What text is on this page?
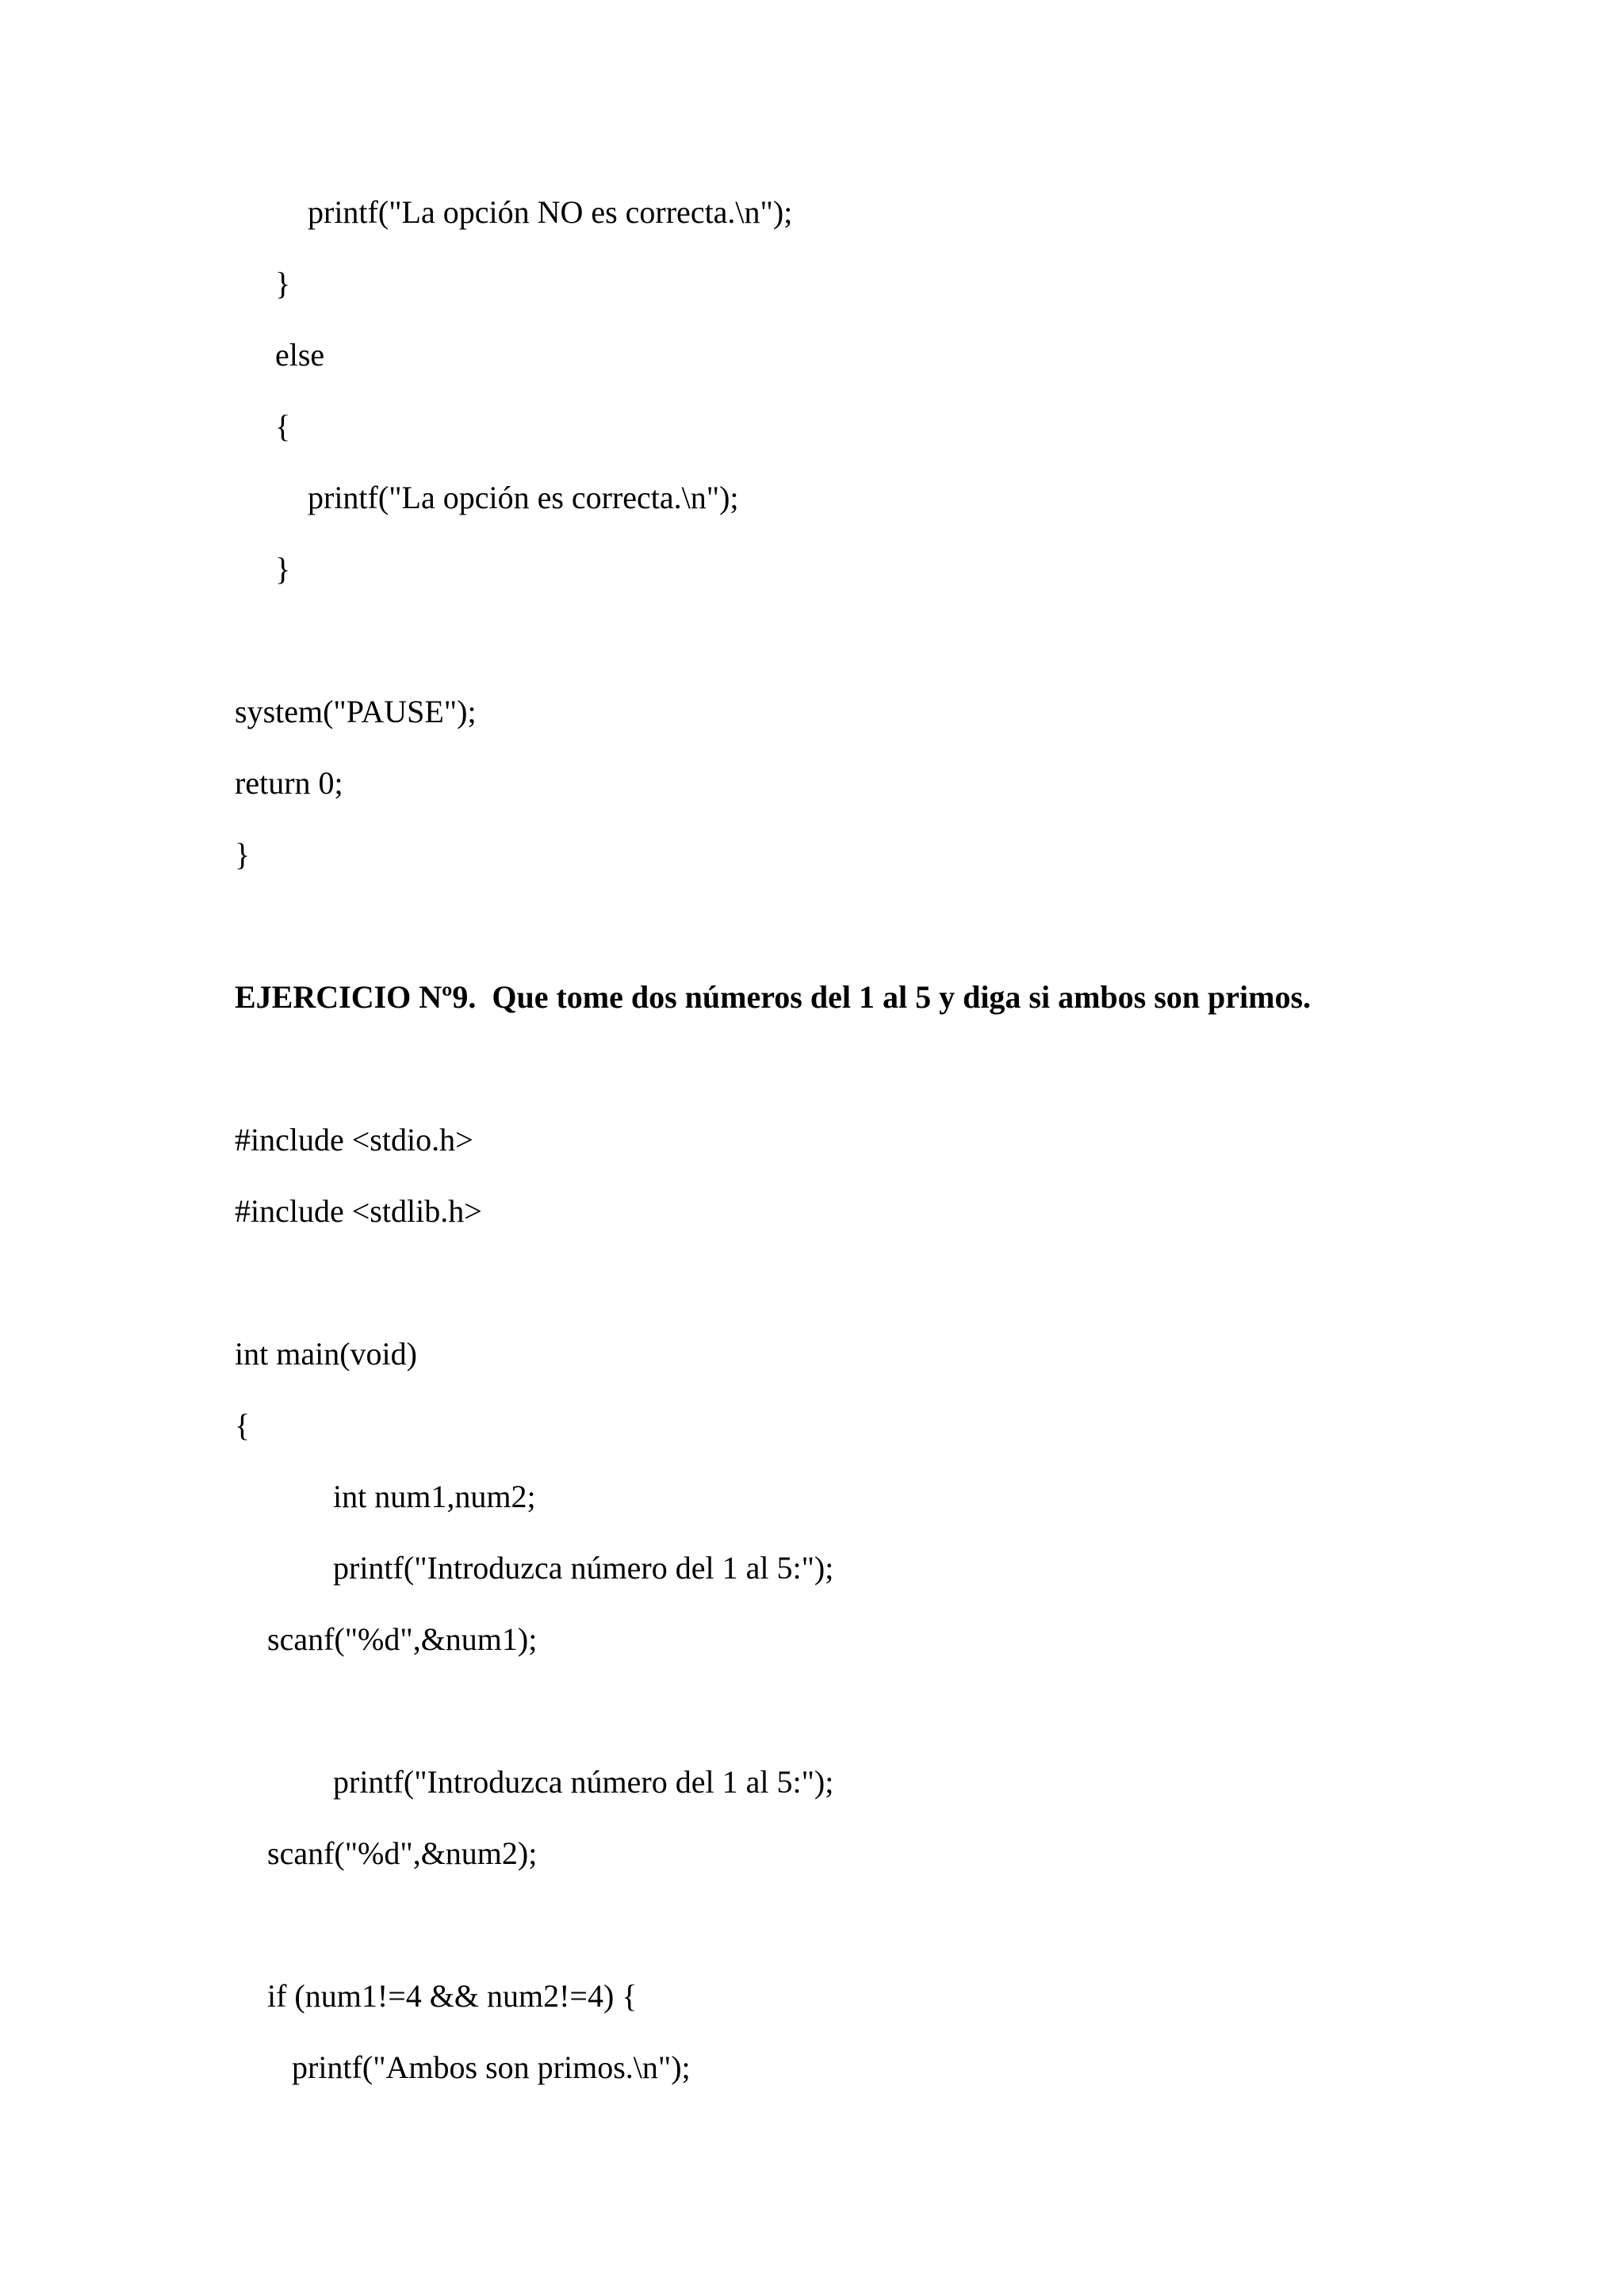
printf("La opción NO es correcta.\n");
}
else
{
printf("La opción es correcta.\n");
}
system("PAUSE");
return 0;
}
EJERCICIO Nº9.  Que tome dos números del 1 al 5 y diga si ambos son primos.
#include <stdio.h>
#include <stdlib.h>
int main(void)
{
int num1,num2;
printf("Introduzca número del 1 al 5:");
scanf("%d",&num1);
printf("Introduzca número del 1 al 5:");
scanf("%d",&num2);
if (num1!=4 && num2!=4) {
printf("Ambos son primos.\n");
